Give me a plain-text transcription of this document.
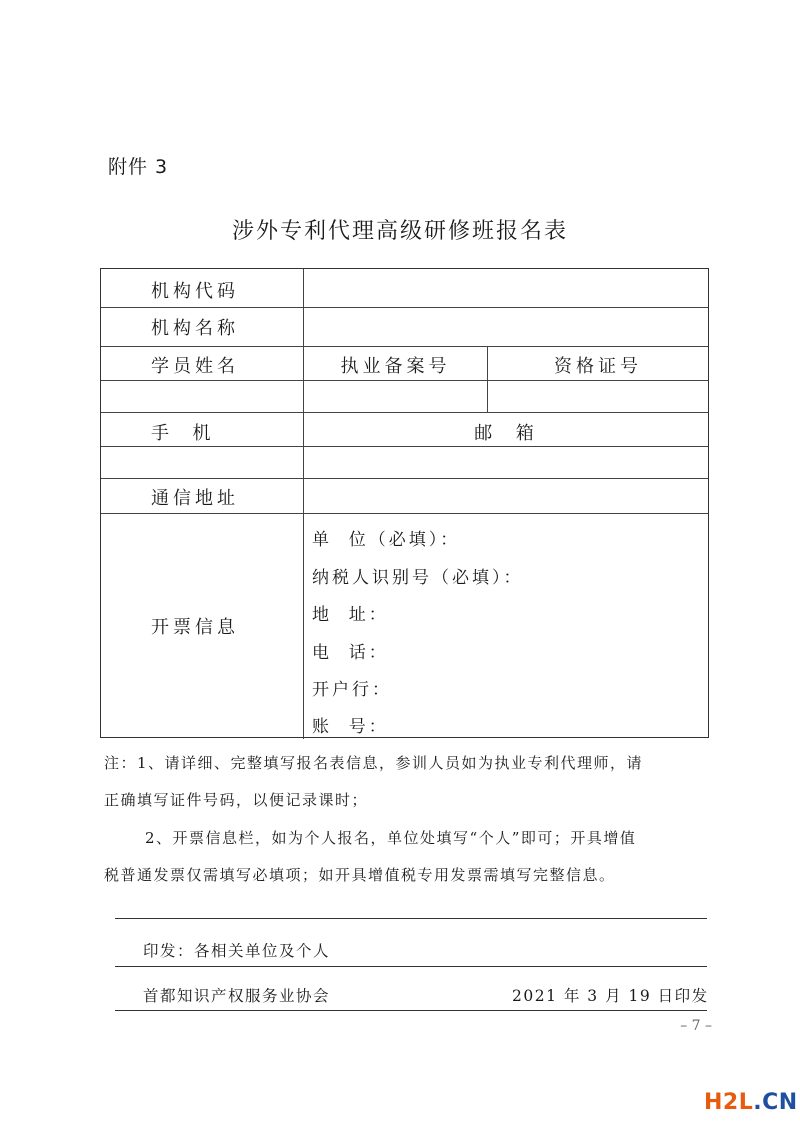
附件 3
涉外专利代理高级研修班报名表
机构代码
机构名称
学员姓名	执业备案号	资格证号
手  机	邮  箱
通信地址
开票信息
单  位（必填）：
纳税人识别号（必填）：
地  址：
电  话：
开户行：
账  号：
注：1、请详细、完整填写报名表信息，参训人员如为执业专利代理师，请
正确填写证件号码，以便记录课时；
2、开票信息栏，如为个人报名，单位处填写“个人”即可；开具增值
税普通发票仅需填写必填项；如开具增值税专用发票需填写完整信息。
印发：各相关单位及个人
首都知识产权服务业协会	2021 年 3 月 19 日印发
– 7 –
H2L.CN
